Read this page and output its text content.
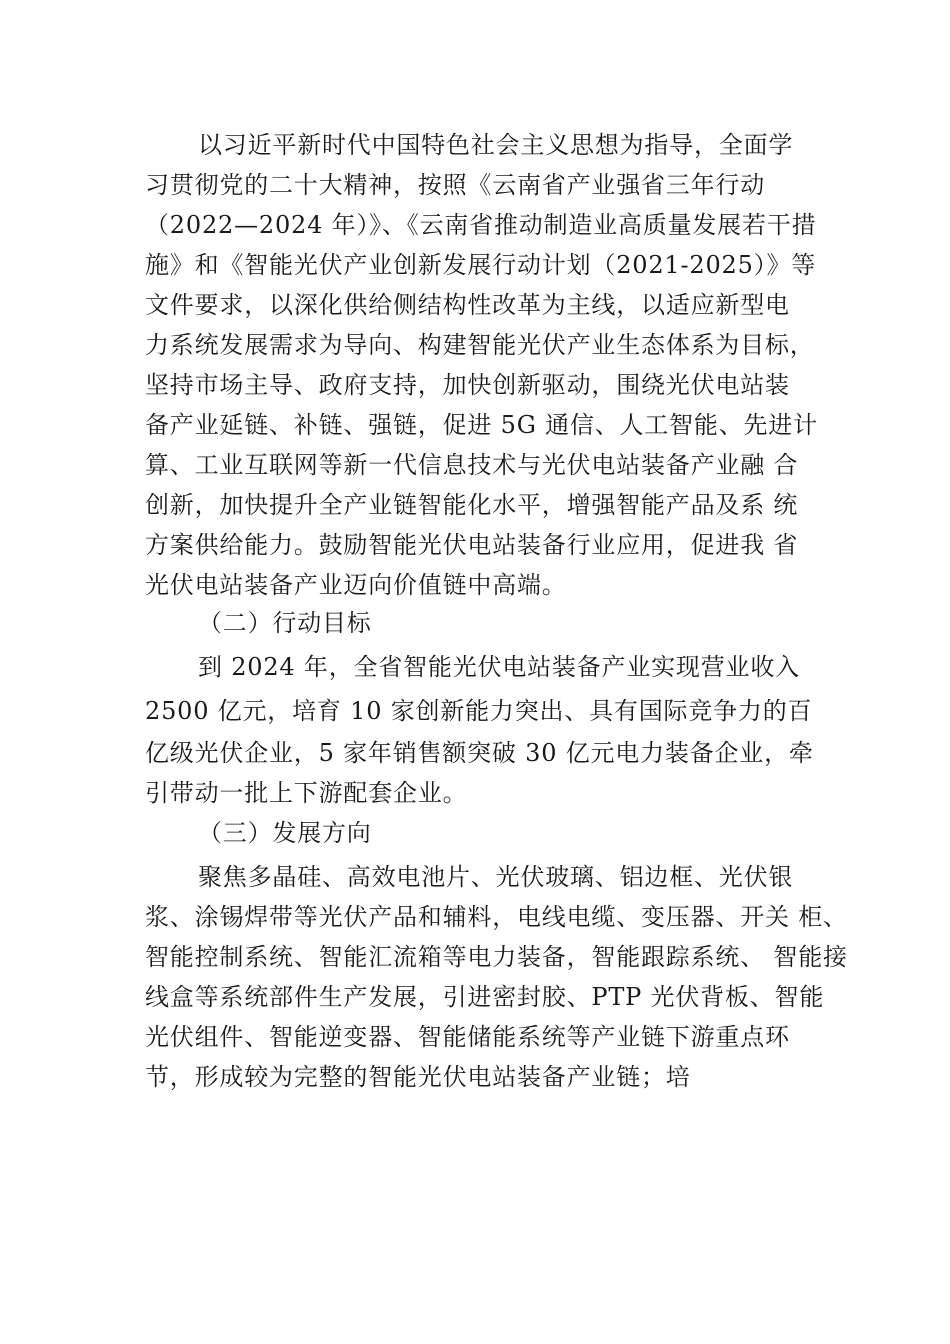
以习近平新时代中国特色社会主义思想为指导，全面学
习贯彻党的二十大精神，按照《云南省产业强省三年行动
（2022—2024 年）》、《云南省推动制造业高质量发展若干措
施》和《智能光伏产业创新发展行动计划（2021-2025）》等
文件要求，以深化供给侧结构性改革为主线，以适应新型电
力系统发展需求为导向、构建智能光伏产业生态体系为目标，
坚持市场主导、政府支持，加快创新驱动，围绕光伏电站装
备产业延链、补链、强链，促进 5G 通信、人工智能、先进计
算、工业互联网等新一代信息技术与光伏电站装备产业融 合
创新，加快提升全产业链智能化水平，增强智能产品及系 统
方案供给能力。鼓励智能光伏电站装备行业应用，促进我 省
光伏电站装备产业迈向价值链中高端。
（二）行动目标
到 2024 年，全省智能光伏电站装备产业实现营业收入
2500 亿元，培育 10 家创新能力突出、具有国际竞争力的百
亿级光伏企业，5 家年销售额突破 30 亿元电力装备企业，牵
引带动一批上下游配套企业。
（三）发展方向
聚焦多晶硅、高效电池片、光伏玻璃、铝边框、光伏银
浆、涂锡焊带等光伏产品和辅料，电线电缆、变压器、开关 柜、
智能控制系统、智能汇流箱等电力装备，智能跟踪系统、 智能接
线盒等系统部件生产发展，引进密封胶、PTP 光伏背板、智能
光伏组件、智能逆变器、智能储能系统等产业链下游重点环
节，形成较为完整的智能光伏电站装备产业链；培
